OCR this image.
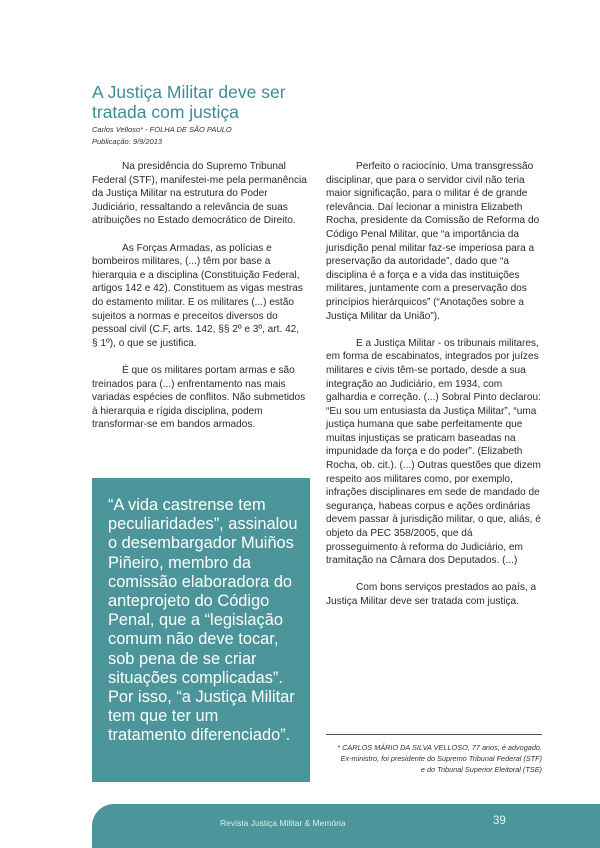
A Justiça Militar deve ser tratada com justiça
Carlos Velloso* - FOLHA DE SÃO PAULO
Publicação: 9/9/2013

Na presidência do Supremo Tribunal Federal (STF), manifestei-me pela permanência da Justiça Militar na estrutura do Poder Judiciário, ressaltando a relevância de suas atribuições no Estado democrático de Direito.

As Forças Armadas, as polícias e bombeiros militares, (...) têm por base a hierarquia e a disciplina (Constituição Federal, artigos 142 e 42). Constituem as vigas mestras do estamento militar. E os militares (...) estão sujeitos a normas e preceitos diversos do pessoal civil (C.F, arts. 142, §§ 2º e 3º, art. 42, § 1º), o que se justifica.

É que os militares portam armas e são treinados para (...) enfrentamento nas mais variadas espécies de conflitos. Não submetidos à hierarquia e rígida disciplina, podem transformar-se em bandos armados.

“A vida castrense tem peculiaridades”, assinalou o desembargador Muiños Piñeiro, membro da comissão elaboradora do anteprojeto do Código Penal, que a “legislação comum não deve tocar, sob pena de se criar situações complicadas”. Por isso, “a Justiça Militar tem que ter um tratamento diferenciado”.

Perfeito o raciocínio. Uma transgressão disciplinar, que para o servidor civil não teria maior significação, para o militar é de grande relevância. Daí lecionar a ministra Elizabeth Rocha, presidente da Comissão de Reforma do Código Penal Militar, que “a importância da jurisdição penal militar faz-se imperiosa para a preservação da autoridade”, dado que “a disciplina é a força e a vida das instituições militares, juntamente com a preservação dos princípios hierárquicos” (“Anotações sobre a Justiça Militar da União”).

E a Justiça Militar - os tribunais militares, em forma de escabinatos, integrados por juízes militares e civis têm-se portado, desde a sua integração ao Judiciário, em 1934, com galhardia e correção. (...) Sobral Pinto declarou: “Eu sou um entusiasta da Justiça Militar”, “uma justiça humana que sabe perfeitamente que muitas injustiças se praticam baseadas na impunidade da força e do poder”. (Elizabeth Rocha, ob. cit.). (...) Outras questões que dizem respeito aos militares como, por exemplo, infrações disciplinares em sede de mandado de segurança, habeas corpus e ações ordinárias devem passar à jurisdição militar, o que, aliás, é objeto da PEC 358/2005, que dá prosseguimento à reforma do Judiciário, em tramitação na Câmara dos Deputados. (...)

Com bons serviços prestados ao país, a Justiça Militar deve ser tratada com justiça.

* CARLOS MÁRIO DA SILVA VELLOSO, 77 anos, é advogado.
Ex-ministro, foi presidente do Supremo Tribunal Federal (STF)
e do Tribunal Superior Eleitoral (TSE)
Revista Justiça Militar & Memória	39
